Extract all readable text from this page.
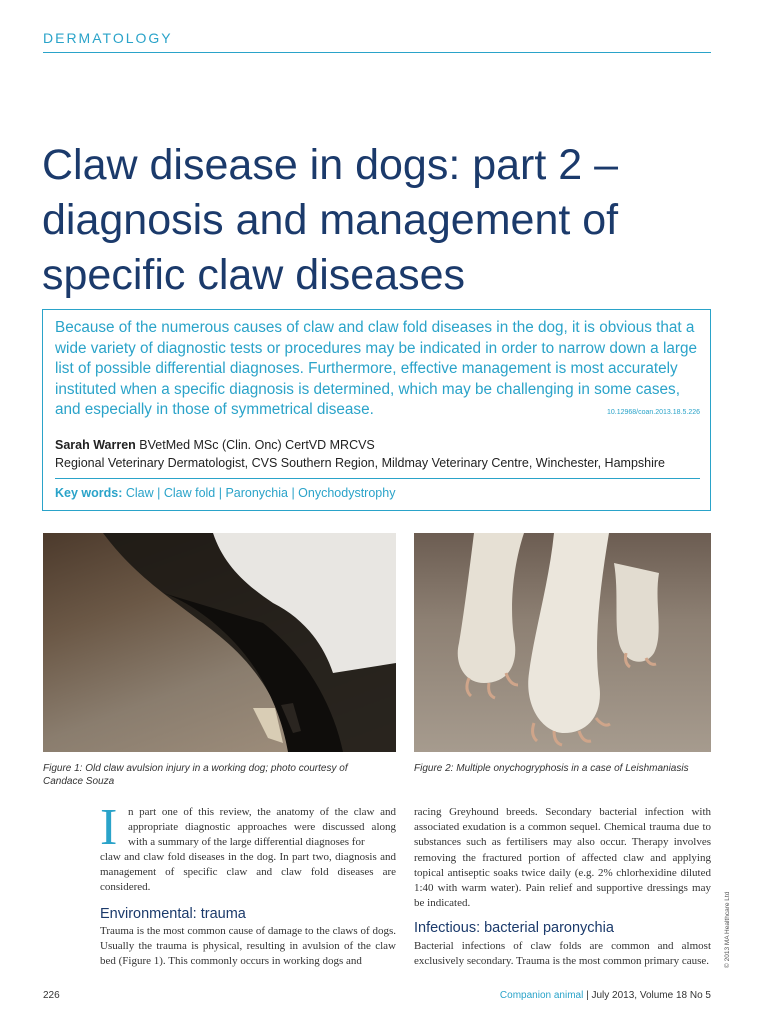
DERMATOLOGY
Claw disease in dogs: part 2 – diagnosis and management of specific claw diseases

Because of the numerous causes of claw and claw fold diseases in the dog, it is obvious that a wide variety of diagnostic tests or procedures may be indicated in order to narrow down a large list of possible differential diagnoses. Furthermore, effective management is most accurately instituted when a specific diagnosis is determined, which may be challenging in some cases, and especially in those of symmetrical disease.	10.12968/coan.2013.18.5.226
Sarah Warren BVetMed MSc (Clin. Onc) CertVD MRCVS
Regional Veterinary Dermatologist, CVS Southern Region, Mildmay Veterinary Centre, Winchester, Hampshire
Key words: Claw | Claw fold | Paronychia | Onychodystrophy
Figure 1: Old claw avulsion injury in a working dog; photo courtesy of Candace Souza
Figure 2: Multiple onychogryphosis in a case of Leishmaniasis
I n part one of this review, the anatomy of the claw and appropriate diagnostic approaches were discussed along with a summary of the large differential diagnoses for
claw and claw fold diseases in the dog. In part two, diagnosis and management of specific claw and claw fold diseases are considered.
Environmental: trauma
Trauma is the most common cause of damage to the claws of dogs. Usually the trauma is physical, resulting in avulsion of the claw bed (Figure 1). This commonly occurs in working dogs and
racing Greyhound breeds. Secondary bacterial infection with associated exudation is a common sequel. Chemical trauma due to substances such as fertilisers may also occur. Therapy involves removing the fractured portion of affected claw and applying topical antiseptic soaks twice daily (e.g. 2% chlorhexidine diluted 1:40 with warm water). Pain relief and supportive dressings may be indicated.
Infectious: bacterial paronychia
Bacterial infections of claw folds are common and almost exclusively secondary. Trauma is the most common primary cause.	© 2013 MA Healthcare Ltd
226	Companion animal | July 2013, Volume 18 No 5
